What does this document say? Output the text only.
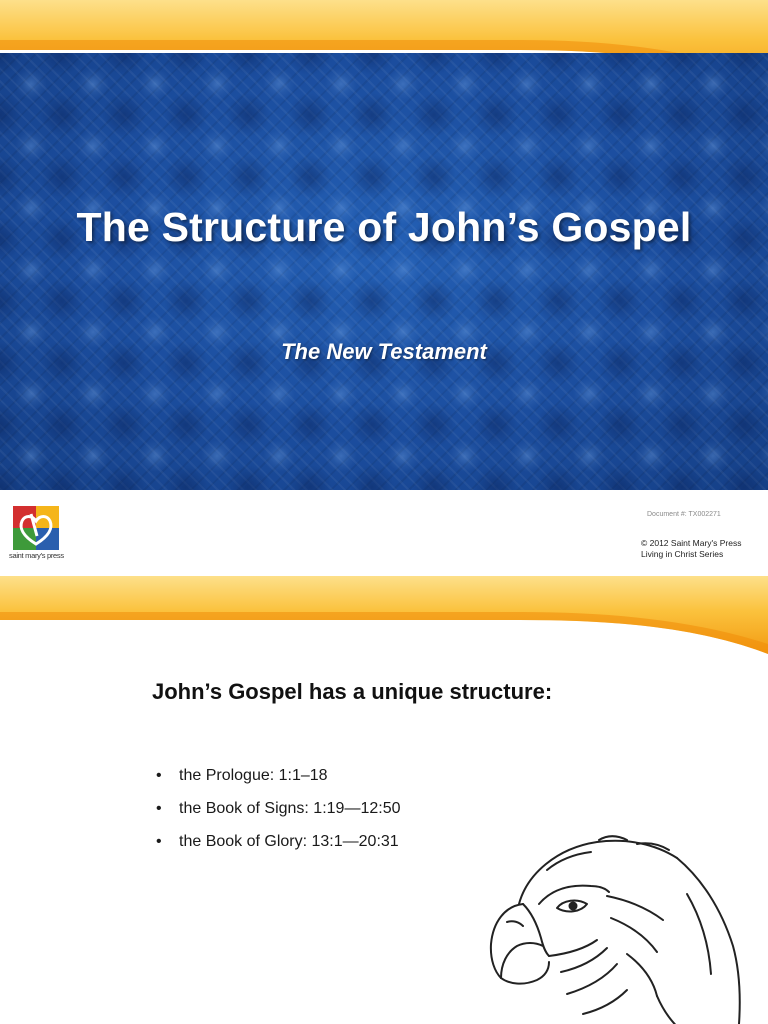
The Structure of John’s Gospel
The New Testament
saint mary's press
Document #: TX002271
© 2012 Saint Mary's Press
Living in Christ Series
John’s Gospel has a unique structure:
• the Prologue: 1:1–18
• the Book of Signs: 1:19—12:50
• the Book of Glory: 13:1—20:31
